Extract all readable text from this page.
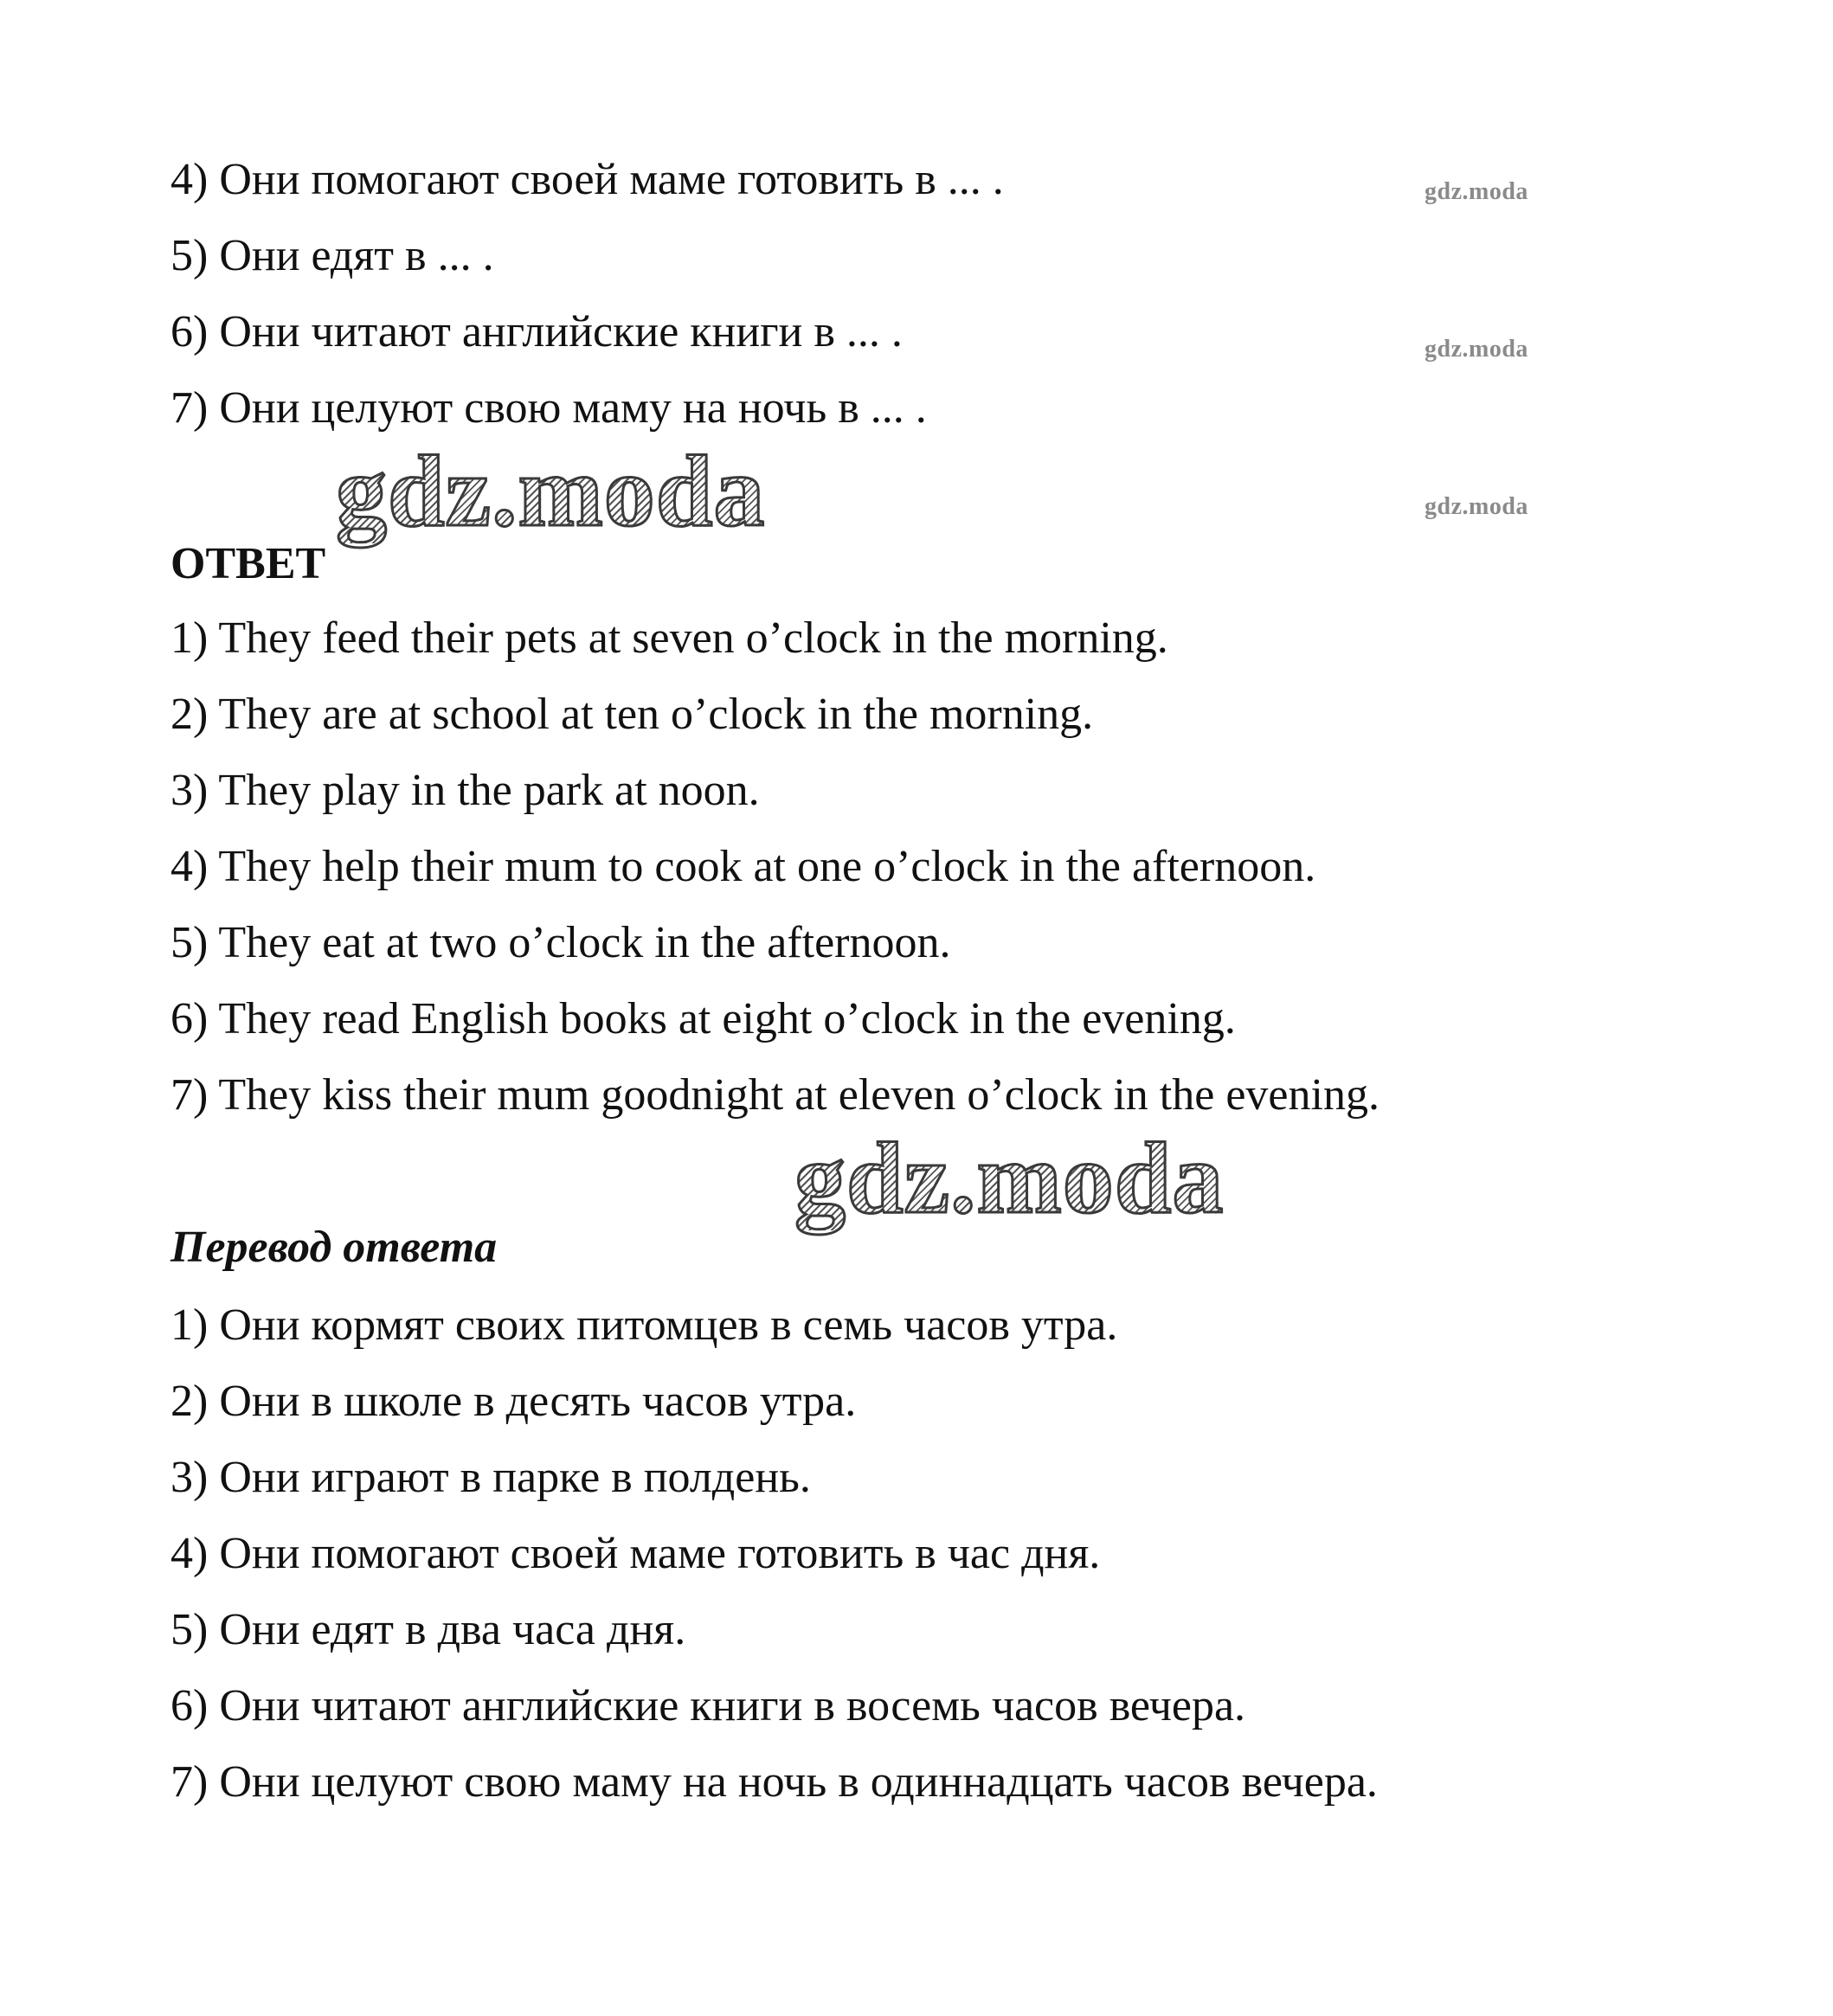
4) Они помогают своей маме готовить в ... .
5) Они едят в ... .
6) Они читают английские книги в ... .
7) Они целуют свою маму на ночь в ... .
gdz.moda
gdz.moda
gdz.moda
gdz.moda
ОТВЕТ
1) They feed their pets at seven o’clock in the morning.
2) They are at school at ten o’clock in the morning.
3) They play in the park at noon.
4) They help their mum to cook at one o’clock in the afternoon.
5) They eat at two o’clock in the afternoon.
6) They read English books at eight o’clock in the evening.
7) They kiss their mum goodnight at eleven o’clock in the evening.
gdz.moda
Перевод ответа
1) Они кормят своих питомцев в семь часов утра.
2) Они в школе в десять часов утра.
3) Они играют в парке в полдень.
4) Они помогают своей маме готовить в час дня.
5) Они едят в два часа дня.
6) Они читают английские книги в восемь часов вечера.
7) Они целуют свою маму на ночь в одиннадцать часов вечера.
